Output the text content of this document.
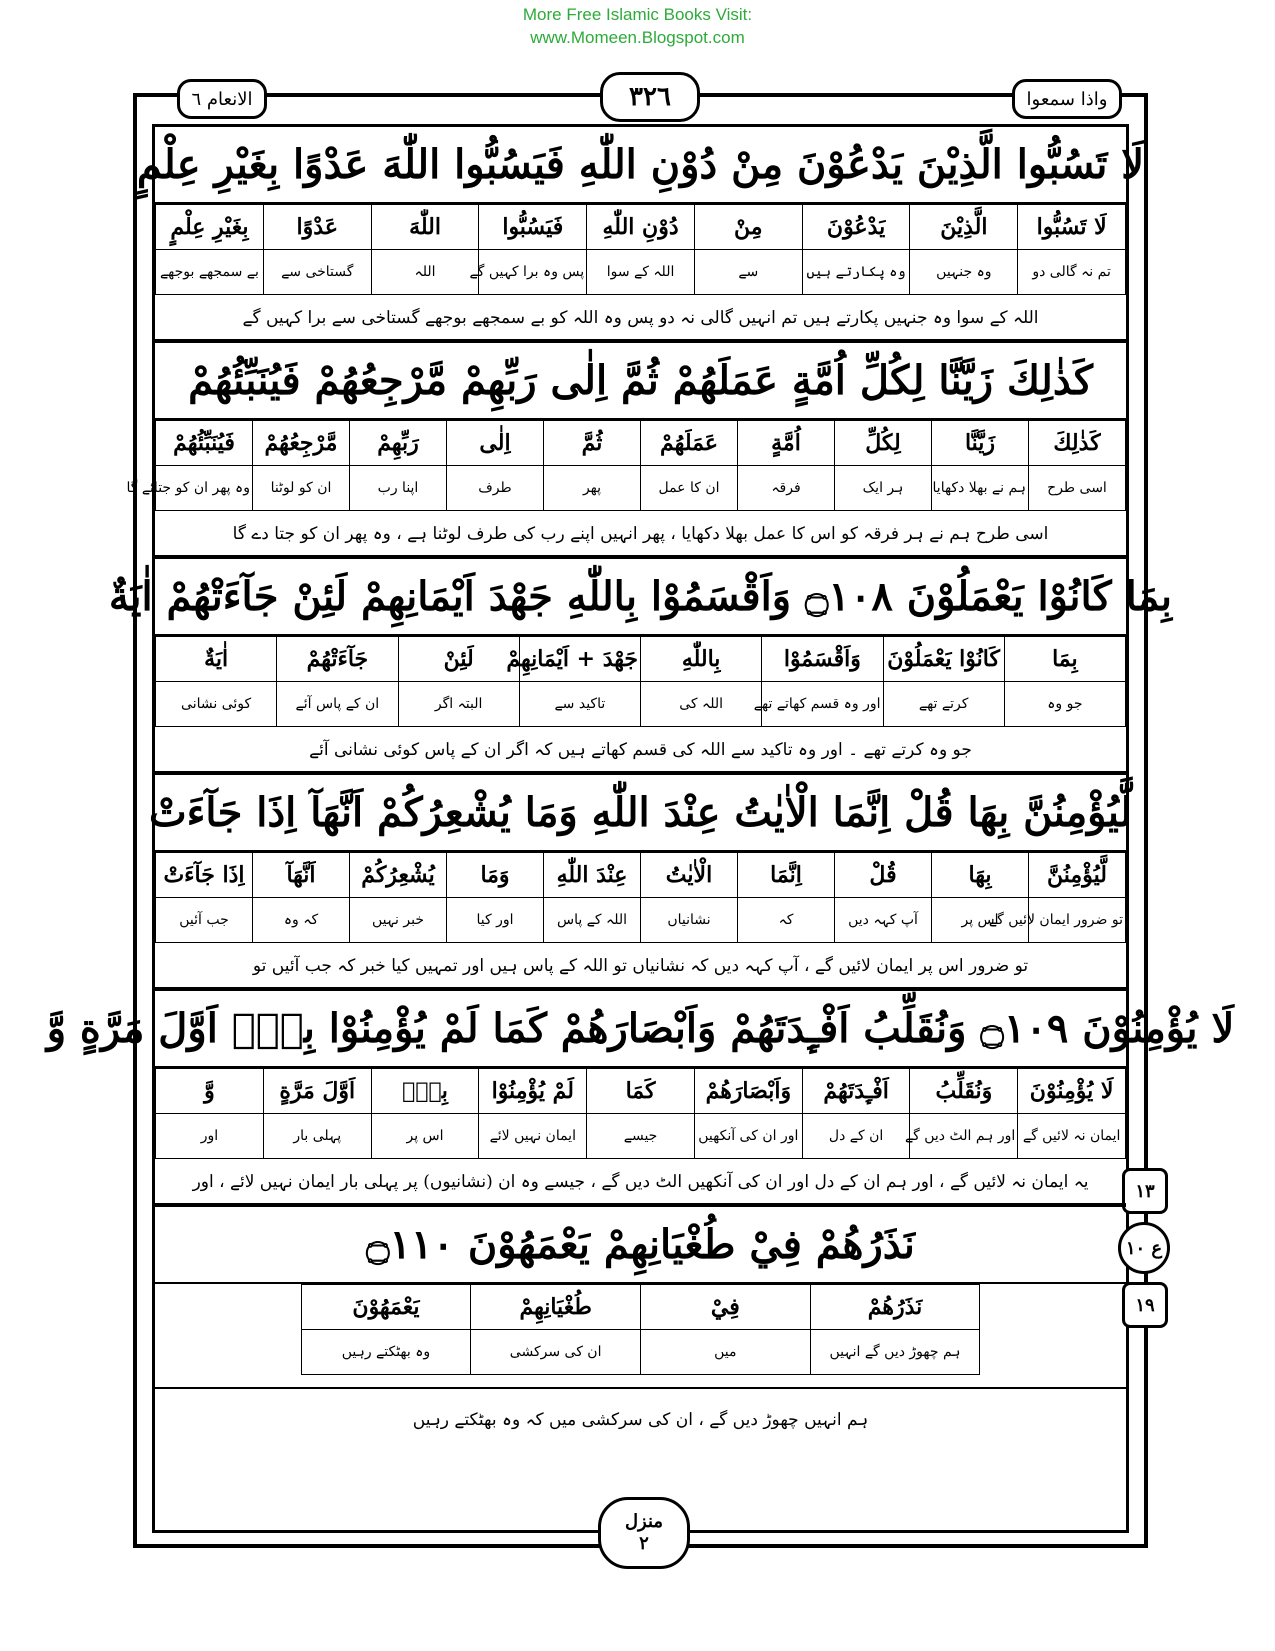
More Free Islamic Books Visit:
www.Momeen.Blogspot.com
الانعام ٦	٣٢٦	واذا سمعوا
١٣
ع ١٠
١٩
لَا تَسُبُّوا الَّذِيْنَ يَدْعُوْنَ مِنْ دُوْنِ اللّٰهِ فَيَسُبُّوا اللّٰهَ عَدْوًا بِغَيْرِ عِلْمٍ
لَا تَسُبُّوا	الَّذِيْنَ	يَدْعُوْنَ	مِنْ	دُوْنِ اللّٰهِ	فَيَسُبُّوا	اللّٰهَ	عَدْوًا	بِغَيْرِ عِلْمٍ
تم نہ گالی دو	وہ جنہیں	وہ پکارتے ہیں	سے	اللہ کے سوا	پس وہ برا کہیں گے	اللہ	گستاخی سے	بے سمجھے بوجھے
اللہ کے سوا وہ جنہیں پکارتے ہیں تم انہیں گالی نہ دو پس وہ اللہ کو بے سمجھے بوجھے گستاخی سے برا کہیں گے
كَذٰلِكَ زَيَّنَّا لِكُلِّ اُمَّةٍ عَمَلَهُمْ ثُمَّ اِلٰى رَبِّهِمْ مَّرْجِعُهُمْ فَيُنَبِّئُهُمْ
كَذٰلِكَ	زَيَّنَّا	لِكُلِّ	اُمَّةٍ	عَمَلَهُمْ	ثُمَّ	اِلٰى	رَبِّهِمْ	مَّرْجِعُهُمْ	فَيُنَبِّئُهُمْ
اسی طرح	ہم نے بھلا دکھایا	ہر ایک	فرقہ	ان کا عمل	پھر	طرف	اپنا رب	ان کو لوٹنا	وہ پھر ان کو جتائے گا
اسی طرح ہم نے ہر فرقہ کو اس کا عمل بھلا دکھایا ، پھر انہیں اپنے رب کی طرف لوٹنا ہے ، وہ پھر ان کو جتا دے گا
بِمَا كَانُوْا يَعْمَلُوْنَ ۝١٠٨ وَاَقْسَمُوْا بِاللّٰهِ جَهْدَ اَيْمَانِهِمْ لَئِنْ جَآءَتْهُمْ اٰيَةٌ
بِمَا	كَانُوْا يَعْمَلُوْنَ	وَاَقْسَمُوْا	بِاللّٰهِ	جَهْدَ + اَيْمَانِهِمْ	لَئِنْ	جَآءَتْهُمْ	اٰيَةٌ
جو وہ	کرتے تھے	اور وہ قسم کھاتے تھے	اللہ کی	تاکید سے	البتہ اگر	ان کے پاس آئے	کوئی نشانی
جو وہ کرتے تھے ۔ اور وہ تاکید سے اللہ کی قسم کھاتے ہیں کہ اگر ان کے پاس کوئی نشانی آئے
لَّيُؤْمِنُنَّ بِهَا قُلْ اِنَّمَا الْاٰيٰتُ عِنْدَ اللّٰهِ وَمَا يُشْعِرُكُمْ اَنَّهَآ اِذَا جَآءَتْ
لَّيُؤْمِنُنَّ	بِهَا	قُلْ	اِنَّمَا	الْاٰيٰتُ	عِنْدَ اللّٰهِ	وَمَا	يُشْعِرُكُمْ	اَنَّهَآ	اِذَا جَآءَتْ
تو ضرور ایمان لائیں گے	اس پر	آپ کہہ دیں	کہ	نشانیاں	اللہ کے پاس	اور کیا	خبر نہیں	کہ وہ	جب آئیں
تو ضرور اس پر ایمان لائیں گے ، آپ کہہ دیں کہ نشانیاں تو اللہ کے پاس ہیں اور تمہیں کیا خبر کہ جب آئیں تو
لَا يُؤْمِنُوْنَ ۝١٠٩ وَنُقَلِّبُ اَفْـِٕدَتَهُمْ وَاَبْصَارَهُمْ كَمَا لَمْ يُؤْمِنُوْا بِهٖٓ اَوَّلَ مَرَّةٍ وَّ
لَا يُؤْمِنُوْنَ	وَنُقَلِّبُ	اَفْـِٕدَتَهُمْ	وَاَبْصَارَهُمْ	كَمَا	لَمْ يُؤْمِنُوْا	بِهٖٓ	اَوَّلَ مَرَّةٍ	وَّ
ایمان نہ لائیں گے	اور ہم الٹ دیں گے	ان کے دل	اور ان کی آنکھیں	جیسے	ایمان نہیں لائے	اس پر	پہلی بار	اور
یہ ایمان نہ لائیں گے ، اور ہم ان کے دل اور ان کی آنکھیں الٹ دیں گے ، جیسے وہ ان (نشانیوں) پر پہلی بار ایمان نہیں لائے ، اور
نَذَرُهُمْ فِيْ طُغْيَانِهِمْ يَعْمَهُوْنَ ۝١١٠
نَذَرُهُمْ	فِيْ	طُغْيَانِهِمْ	يَعْمَهُوْنَ
ہم چھوڑ دیں گے انہیں	میں	ان کی سرکشی	وہ بھٹکتے رہیں
ہم انہیں چھوڑ دیں گے ، ان کی سرکشی میں کہ وہ بھٹکتے رہیں
منزل
٢
